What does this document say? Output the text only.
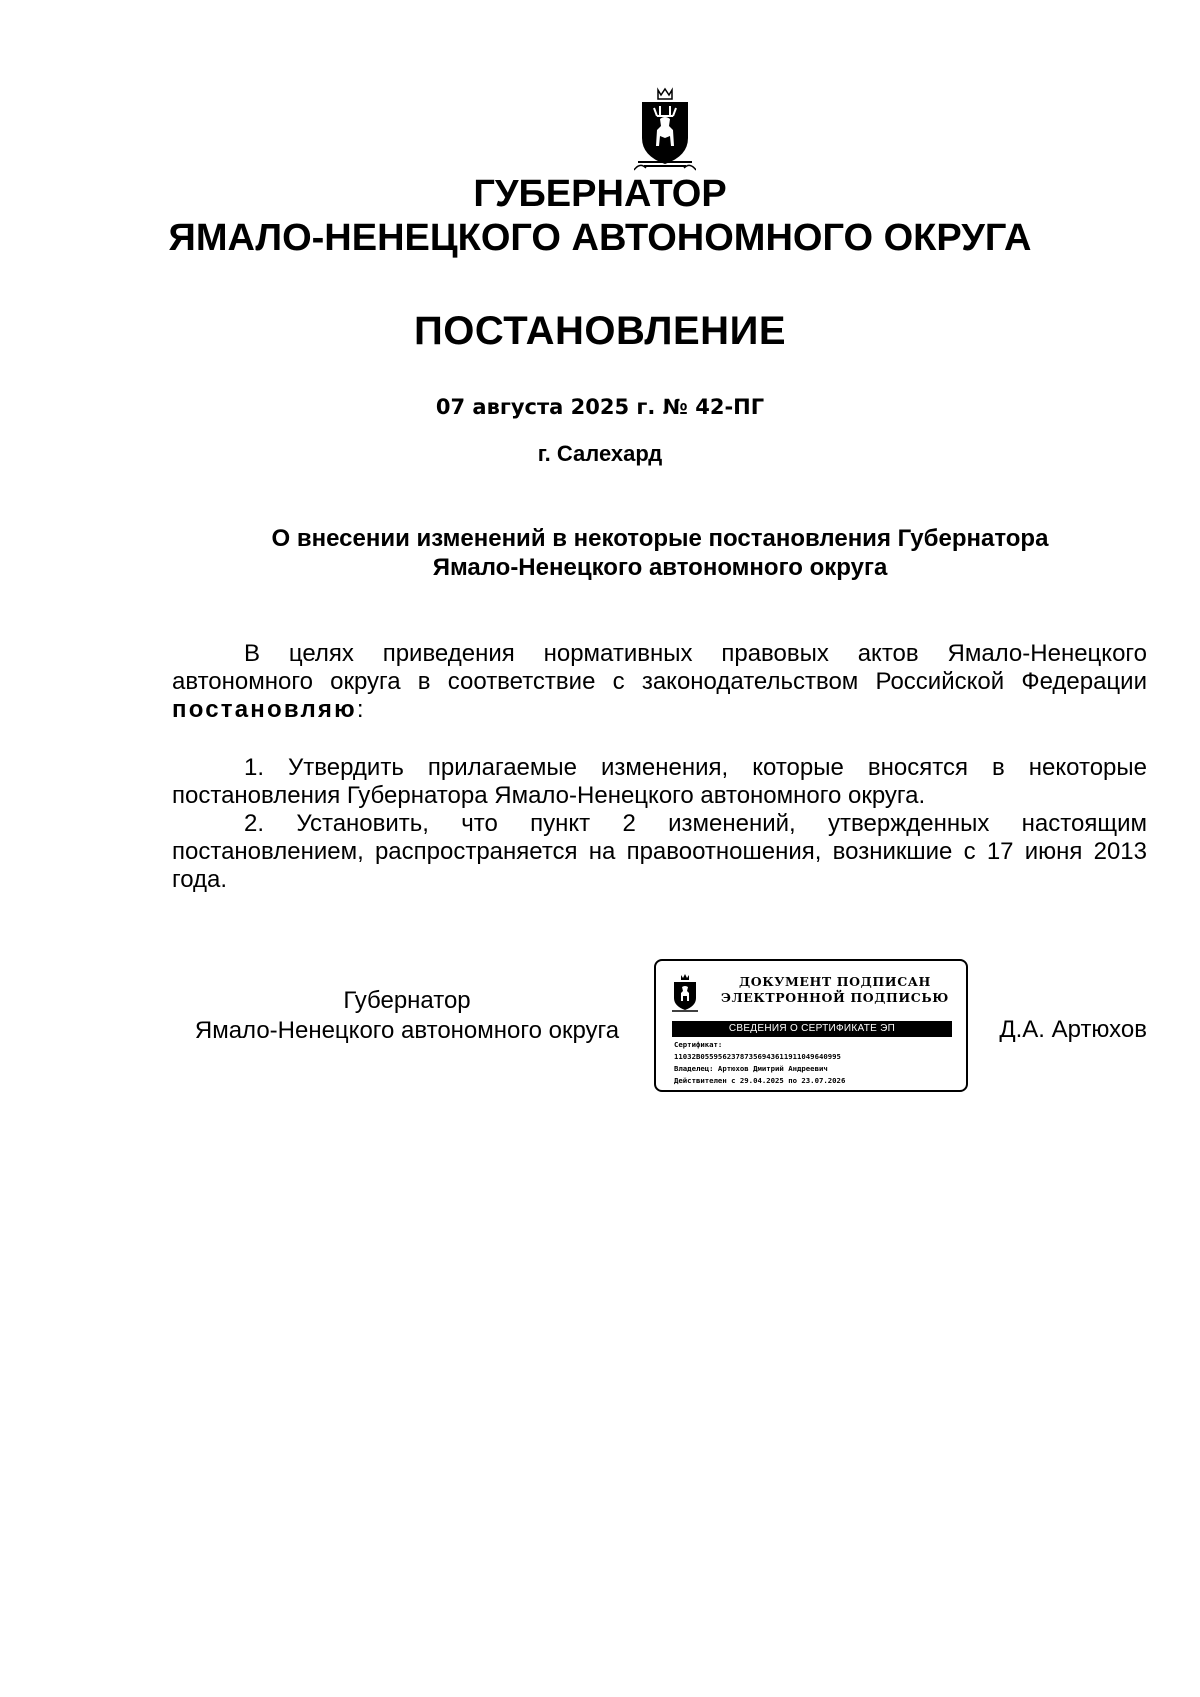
ГУБЕРНАТОР
ЯМАЛО-НЕНЕЦКОГО АВТОНОМНОГО ОКРУГА
ПОСТАНОВЛЕНИЕ
07 августа 2025 г. № 42-ПГ
г. Салехард
О внесении изменений в некоторые постановления Губернатора
Ямало-Ненецкого автономного округа

В целях приведения нормативных правовых актов Ямало-Ненецкого автономного округа в соответствие с законодательством Российской Федерации постановляю:

1. Утвердить прилагаемые изменения, которые вносятся в некоторые постановления Губернатора Ямало-Ненецкого автономного округа.

2. Установить, что пункт 2 изменений, утвержденных настоящим постановлением, распространяется на правоотношения, возникшие с 17 июня 2013 года.

Губернатор
Ямало-Ненецкого автономного округа
ДОКУМЕНТ ПОДПИСАН
ЭЛЕКТРОННОЙ ПОДПИСЬЮ
СВЕДЕНИЯ О СЕРТИФИКАТЕ ЭП
Сертификат:
11032B05595623787356943611911049640995
Владелец: Артюхов Дмитрий Андреевич
Действителен с 29.04.2025 по 23.07.2026
Д.А. Артюхов
